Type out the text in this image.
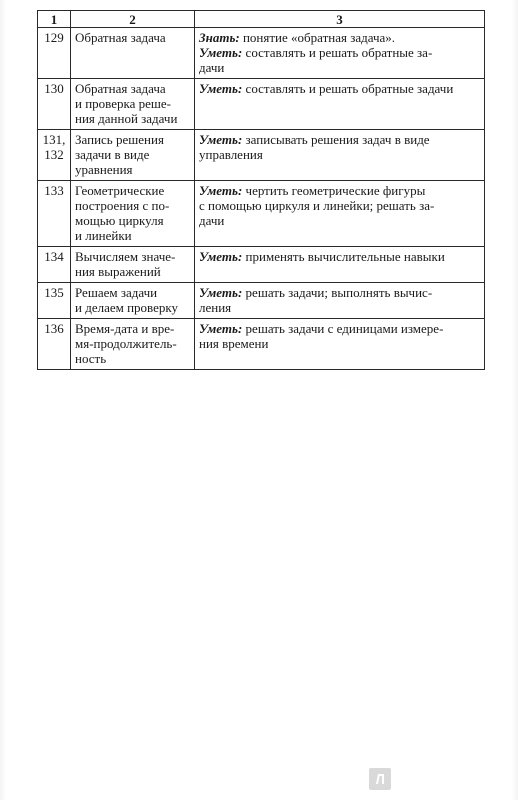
1	2	3

129	Обратная задача	Знать: понятие «обратная задача».
Уметь: составлять и решать обратные за-
дачи

130	Обратная задача
и проверка реше-
ния данной задачи	Уметь: составлять и решать обратные задачи

131,
132	Запись решения
задачи в виде
уравнения	Уметь: записывать решения задач в виде
управления

133	Геометрические
построения с по-
мощью циркуля
и линейки	Уметь: чертить геометрические фигуры
с помощью циркуля и линейки; решать за-
дачи

134	Вычисляем значе-
ния выражений	Уметь: применять вычислительные навыки

135	Решаем задачи
и делаем проверку	Уметь: решать задачи; выполнять вычис-
ления

136	Время-дата и вре-
мя-продолжитель-
ность	Уметь: решать задачи с единицами измере-
ния времени
